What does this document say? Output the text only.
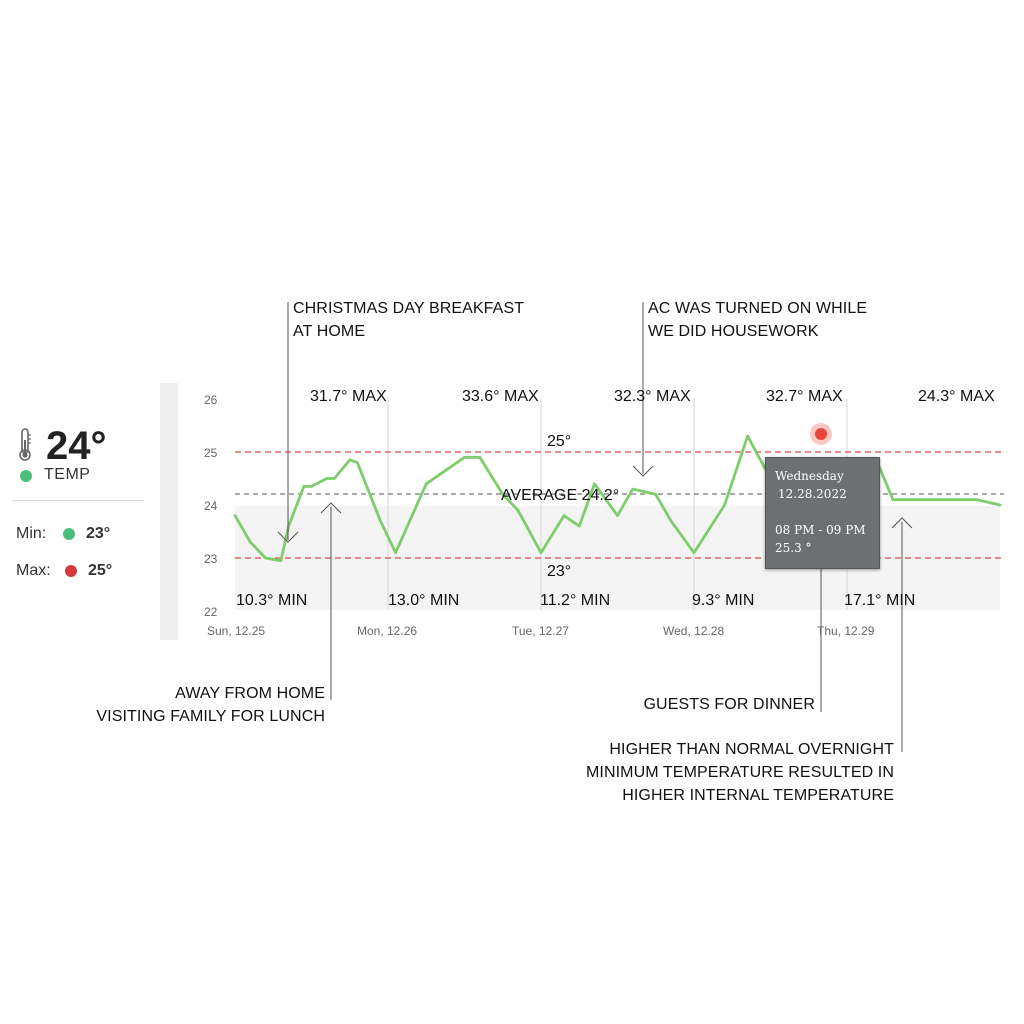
24°
TEMP
Min: 23°
Max: 25°
26
25
24
23
22
Sun, 12.25	Mon, 12.26	Tue, 12.27	Wed, 12.28	Thu, 12.29
25°
23°
AVERAGE 24.2°
31.7° MAX	33.6° MAX	32.3° MAX	32.7° MAX	24.3° MAX
10.3° MIN	13.0° MIN	11.2° MIN	9.3° MIN	17.1° MIN
Wednesday
12.28.2022
08 PM - 09 PM
25.3 °
CHRISTMAS DAY BREAKFAST
AT HOME
AC WAS TURNED ON WHILE
WE DID HOUSEWORK
AWAY FROM HOME
VISITING FAMILY FOR LUNCH
GUESTS FOR DINNER
HIGHER THAN NORMAL OVERNIGHT
MINIMUM TEMPERATURE RESULTED IN
HIGHER INTERNAL TEMPERATURE
